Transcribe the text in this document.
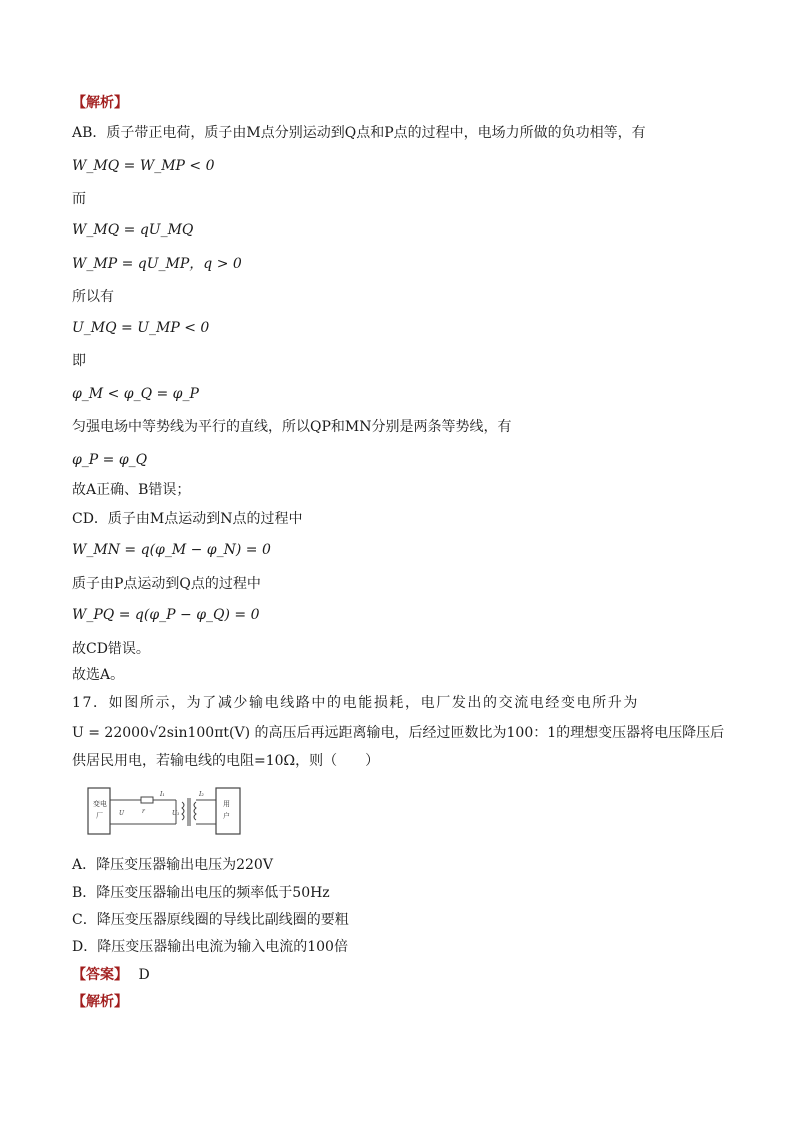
【解析】
AB．质子带正电荷，质子由M点分别运动到Q点和P点的过程中，电场力所做的负功相等，有
W_MQ = W_MP < 0
而
W_MQ = qU_MQ
W_MP = qU_MP，q > 0
所以有
U_MQ = U_MP < 0
即
φ_M < φ_Q = φ_P
匀强电场中等势线为平行的直线，所以QP和MN分别是两条等势线，有
φ_P = φ_Q
故A正确、B错误；
CD．质子由M点运动到N点的过程中
W_MN = q(φ_M − φ_N) = 0
质子由P点运动到Q点的过程中
W_PQ = q(φ_P − φ_Q) = 0
故CD错误。
故选A。
17．如图所示，为了减少输电线路中的电能损耗，电厂发出的交流电经变电所升为
U = 22000√2sin100πt(V) 的高压后再远距离输电，后经过匝数比为100：1的理想变压器将电压降压后
供居民用电，若输电线的电阻=10Ω，则（　　）
变电
厂
I₁
U	r	U₁
I₂
用
户
A．降压变压器输出电压为220V
B．降压变压器输出电压的频率低于50Hz
C．降压变压器原线圈的导线比副线圈的要粗
D．降压变压器输出电流为输入电流的100倍
【答案】 D
【解析】
